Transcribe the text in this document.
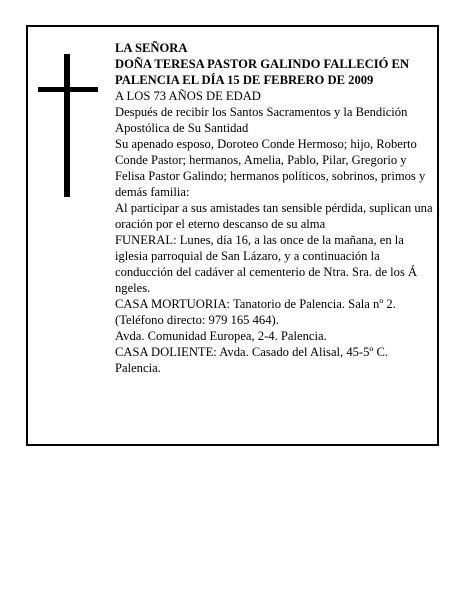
LA SEÑORA

DOÑA TERESA PASTOR GALINDO FALLECIÓ EN PALENCIA EL DÍA 15 DE FEBRERO DE 2009

A LOS 73 AÑOS DE EDAD

Después de recibir los Santos Sacramentos y la Bendición Apostólica de Su Santidad

Su apenado esposo, Doroteo Conde Hermoso; hijo, Roberto Conde Pastor; hermanos, Amelia, Pablo, Pilar, Gregorio y Felisa Pastor Galindo; hermanos políticos, sobrinos, primos y demás familia:

Al participar a sus amistades tan sensible pérdida, suplican una oración por el eterno descanso de su alma

FUNERAL: Lunes, día 16, a las once de la mañana, en la iglesia parroquial de San Lázaro, y a continuación la conducción del cadáver al cementerio de Ntra. Sra. de los Á ngeles.

CASA MORTUORIA: Tanatorio de Palencia. Sala nº 2. (Teléfono directo: 979 165 464).

Avda. Comunidad Europea, 2-4. Palencia.

CASA DOLIENTE: Avda. Casado del Alisal, 45-5º C. Palencia.
